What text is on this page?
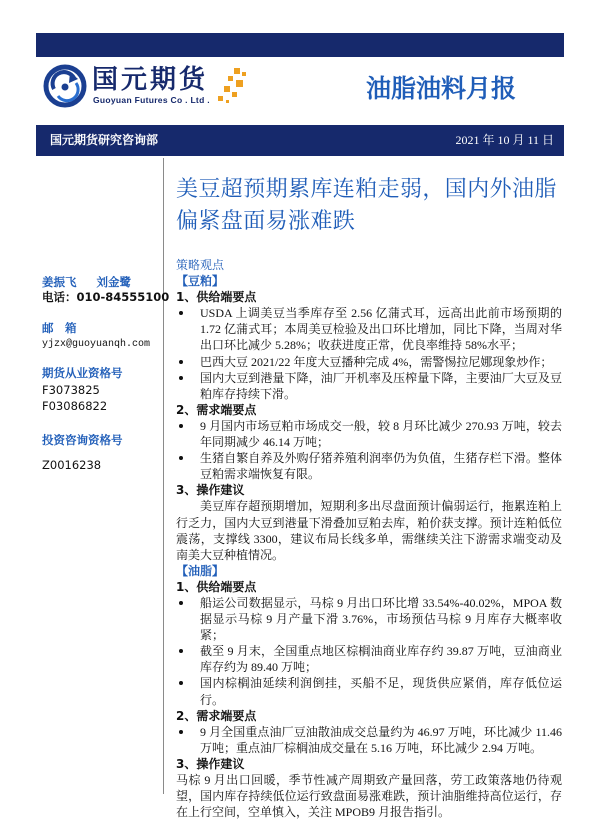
国元期货
Guoyuan Futures Co . Ltd .	油脂油料月报
国元期货研究咨询部	2021 年 10 月 11 日
美豆超预期累库连粕走弱，国内外油脂偏紧盘面易涨难跌
姜振飞 刘金鹭
电话：010-84555100
邮　箱
yjzx@guoyuanqh.com
期货从业资格号
F3073825
F03086822
投资咨询资格号
Z0016238
策略观点
【豆粕】
1、供给端要点
USDA 上调美豆当季库存至 2.56 亿蒲式耳，远高出此前市场预期的 1.72 亿蒲式耳；本周美豆检验及出口环比增加，同比下降，当周对华出口环比减少 5.28%；收获进度正常，优良率维持 58%水平；
巴西大豆 2021/22 年度大豆播种完成 4%，需警惕拉尼娜现象炒作；
国内大豆到港量下降，油厂开机率及压榨量下降，主要油厂大豆及豆粕库存持续下滑。
2、需求端要点
9 月国内市场豆粕市场成交一般，较 8 月环比减少 270.93 万吨，较去年同期减少 46.14 万吨；
生猪自繁自养及外购仔猪养殖利润率仍为负值，生猪存栏下滑。整体豆粕需求端恢复有限。
3、操作建议
美豆库存超预期增加，短期利多出尽盘面预计偏弱运行，拖累连粕上行乏力，国内大豆到港量下滑叠加豆粕去库，粕价获支撑。预计连粕低位震荡，支撑线 3300，建议布局长线多单，需继续关注下游需求端变动及南美大豆种植情况。
【油脂】
1、供给端要点
船运公司数据显示，马棕 9 月出口环比增 33.54%-40.02%，MPOA 数据显示马棕 9 月产量下滑 3.76%，市场预估马棕 9 月库存大概率收紧；
截至 9 月末，全国重点地区棕榈油商业库存约 39.87 万吨，豆油商业库存约为 89.40 万吨；
国内棕榈油延续利润倒挂，买船不足，现货供应紧俏，库存低位运行。
2、需求端要点
9 月全国重点油厂豆油散油成交总量约为 46.97 万吨，环比减少 11.46 万吨；重点油厂棕榈油成交量在 5.16 万吨，环比减少 2.94 万吨。
3、操作建议
马棕 9 月出口回暖，季节性减产周期致产量回落，劳工政策落地仍待观望，国内库存持续低位运行致盘面易涨难跌，预计油脂维持高位运行，存在上行空间，空单慎入，关注 MPOB9 月报告指引。
